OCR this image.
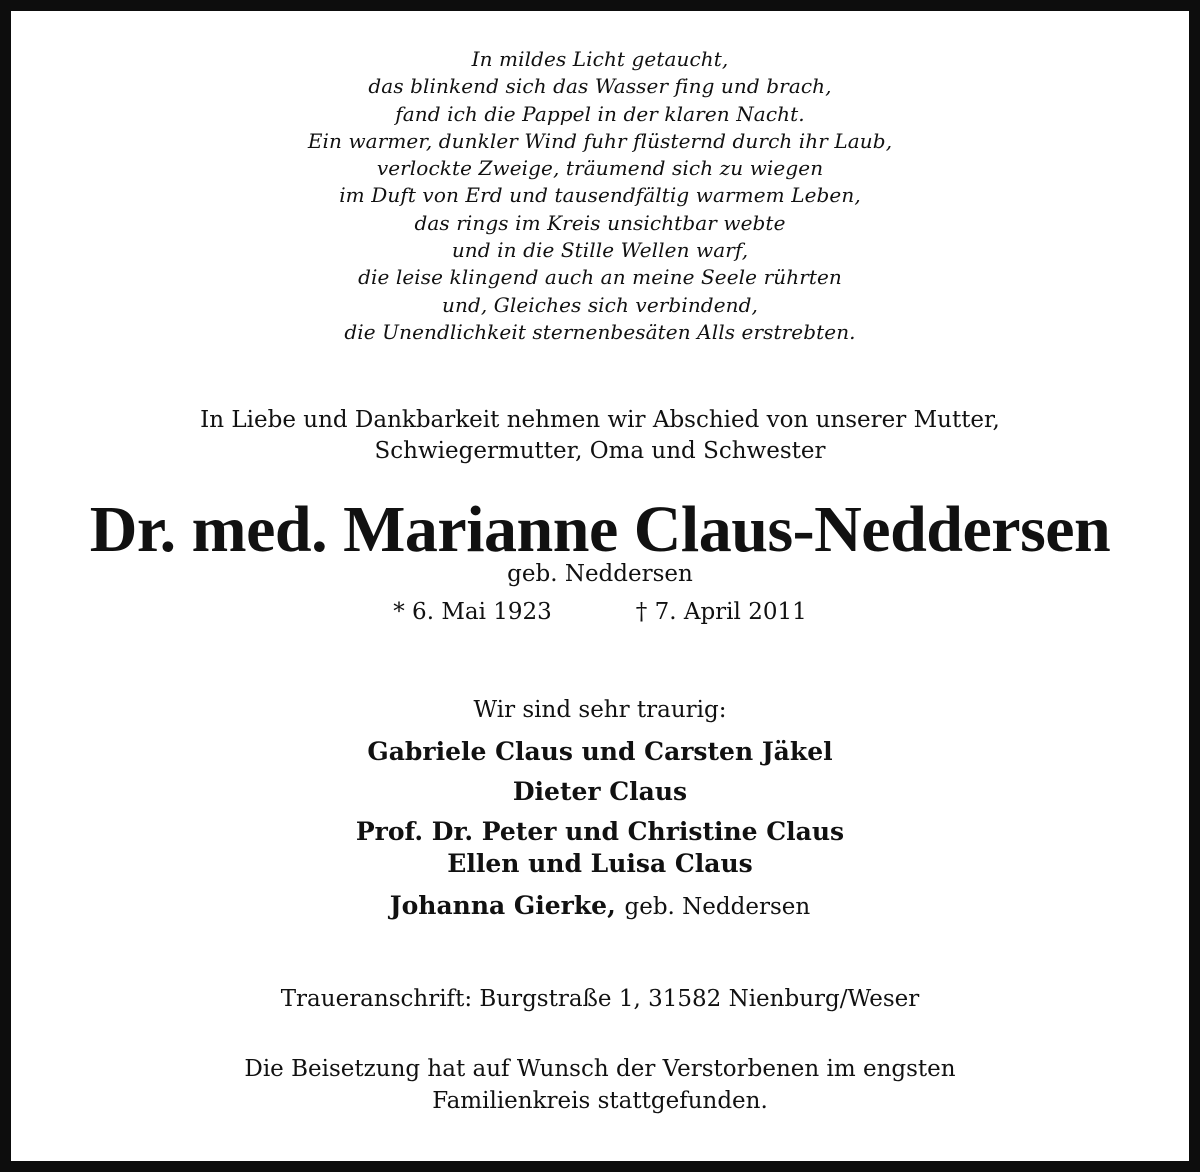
In mildes Licht getaucht,
das blinkend sich das Wasser fing und brach,
fand ich die Pappel in der klaren Nacht.
Ein warmer, dunkler Wind fuhr flüsternd durch ihr Laub,
verlockte Zweige, träumend sich zu wiegen
im Duft von Erd und tausendfältig warmem Leben,
das rings im Kreis unsichtbar webte
und in die Stille Wellen warf,
die leise klingend auch an meine Seele rührten
und, Gleiches sich verbindend,
die Unendlichkeit sternenbesäten Alls erstrebten.
In Liebe und Dankbarkeit nehmen wir Abschied von unserer Mutter,
Schwiegermutter, Oma und Schwester
Dr. med. Marianne Claus-Neddersen
geb. Neddersen
* 6. Mai 1923	† 7. April 2011
Wir sind sehr traurig:
Gabriele Claus und Carsten Jäkel
Dieter Claus
Prof. Dr. Peter und Christine Claus
Ellen und Luisa Claus
Johanna Gierke, geb. Neddersen
Traueranschrift: Burgstraße 1, 31582 Nienburg/Weser
Die Beisetzung hat auf Wunsch der Verstorbenen im engsten
Familienkreis stattgefunden.
